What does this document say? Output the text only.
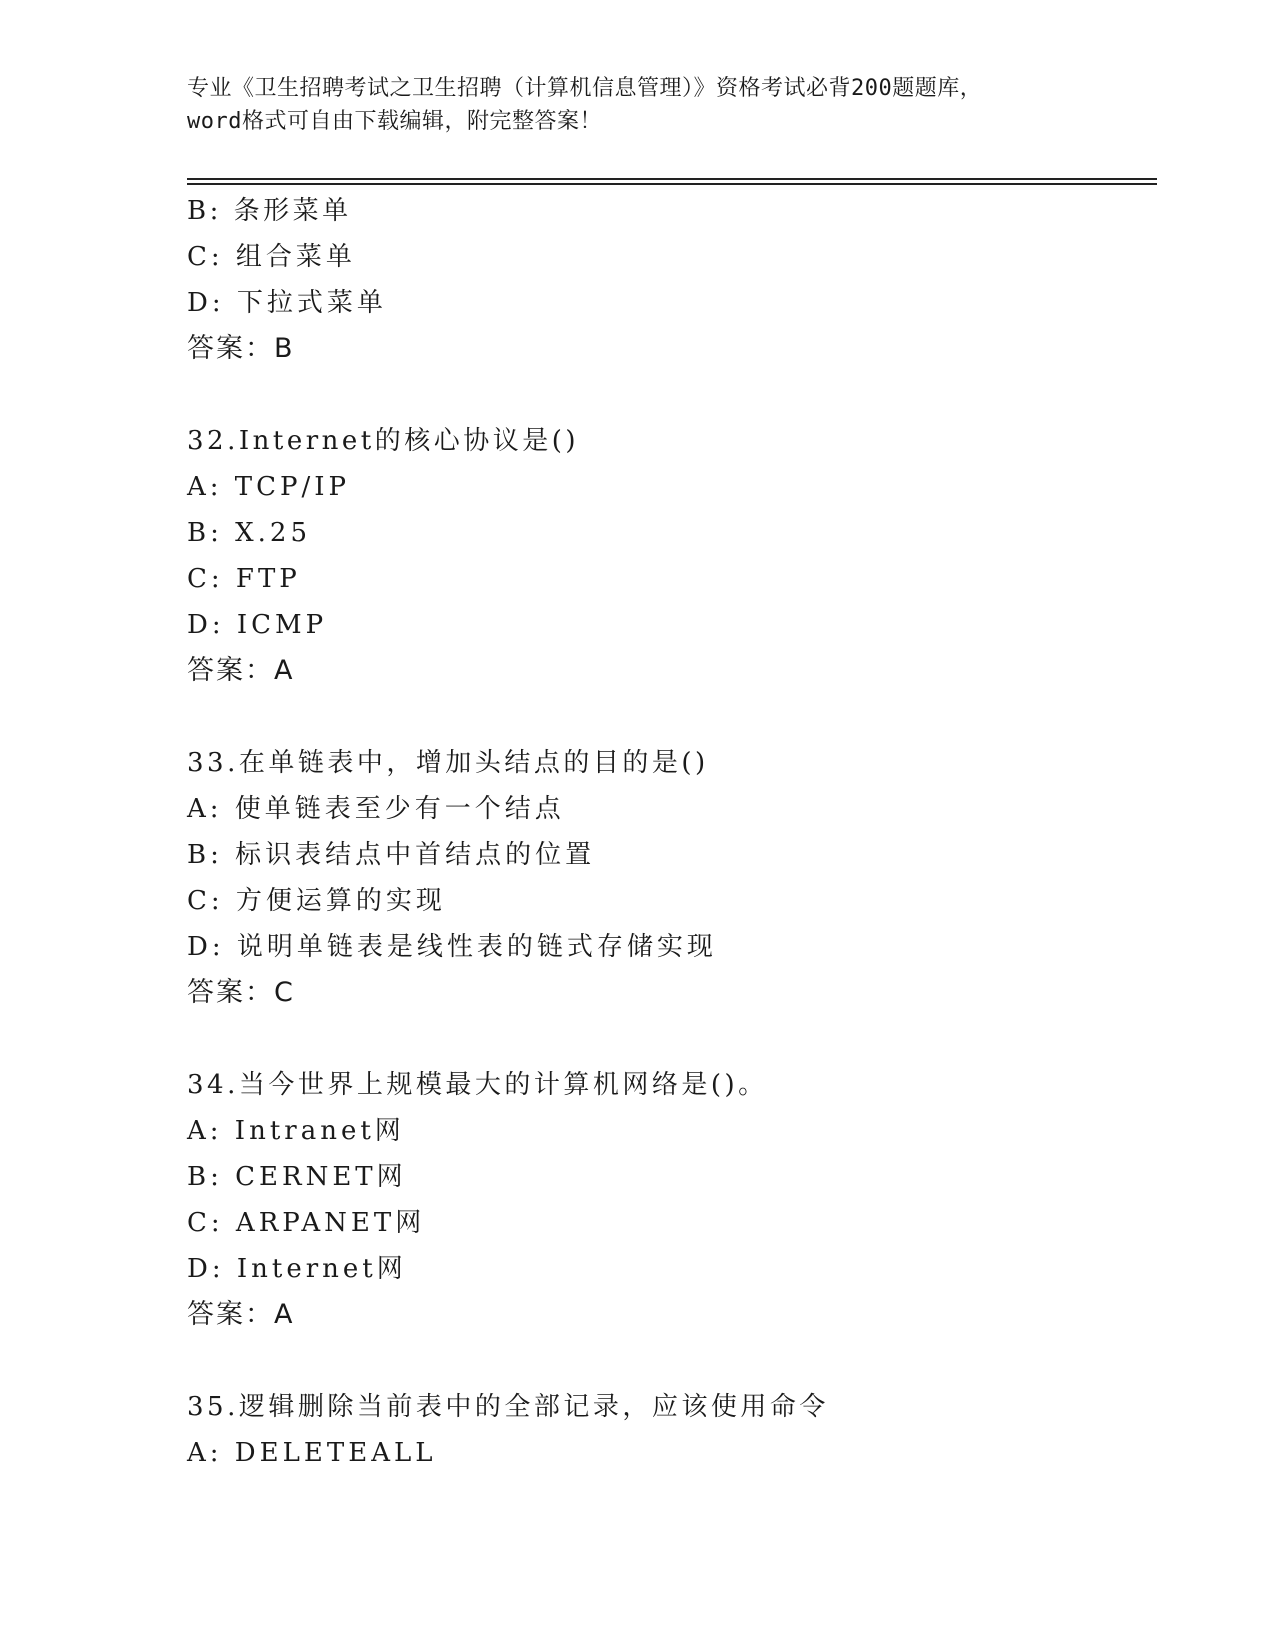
专业《卫生招聘考试之卫生招聘（计算机信息管理）》资格考试必背200题题库，
word格式可自由下载编辑，附完整答案！
B: 条形菜单
C: 组合菜单
D: 下拉式菜单
答案：B
32.Internet的核心协议是()
A: TCP/IP
B: X.25
C: FTP
D: ICMP
答案：A
33.在单链表中，增加头结点的目的是()
A: 使单链表至少有一个结点
B: 标识表结点中首结点的位置
C: 方便运算的实现
D: 说明单链表是线性表的链式存储实现
答案：C
34.当今世界上规模最大的计算机网络是()。
A: Intranet网
B: CERNET网
C: ARPANET网
D: Internet网
答案：A
35.逻辑删除当前表中的全部记录，应该使用命令
A: DELETEALL
